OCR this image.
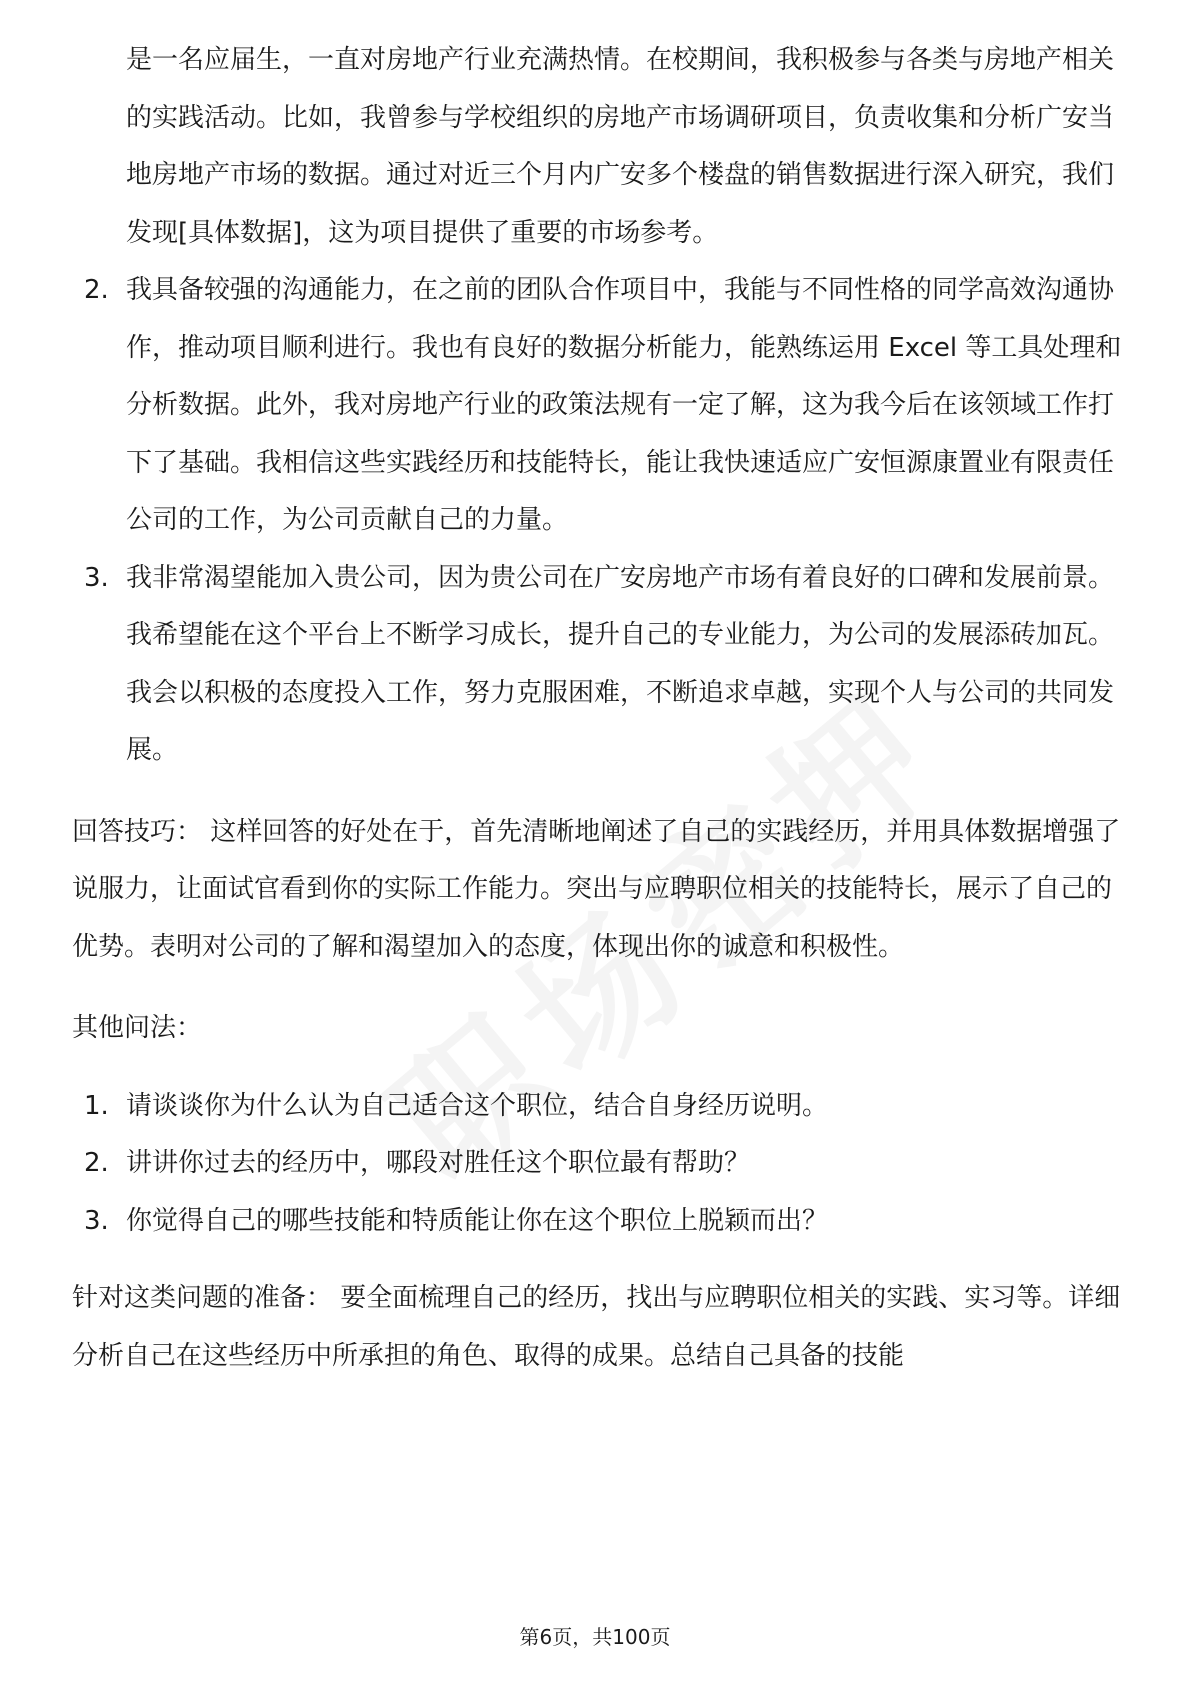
是一名应届生，一直对房地产行业充满热情。在校期间，我积极参与各类与房地产相关的实践活动。比如，我曾参与学校组织的房地产市场调研项目，负责收集和分析广安当地房地产市场的数据。通过对近三个月内广安多个楼盘的销售数据进行深入研究，我们发现[具体数据]，这为项目提供了重要的市场参考。
2. 我具备较强的沟通能力，在之前的团队合作项目中，我能与不同性格的同学高效沟通协作，推动项目顺利进行。我也有良好的数据分析能力，能熟练运用 Excel 等工具处理和分析数据。此外，我对房地产行业的政策法规有一定了解，这为我今后在该领域工作打下了基础。我相信这些实践经历和技能特长，能让我快速适应广安恒源康置业有限责任公司的工作，为公司贡献自己的力量。
3. 我非常渴望能加入贵公司，因为贵公司在广安房地产市场有着良好的口碑和发展前景。我希望能在这个平台上不断学习成长，提升自己的专业能力，为公司的发展添砖加瓦。我会以积极的态度投入工作，努力克服困难，不断追求卓越，实现个人与公司的共同发展。

回答技巧： 这样回答的好处在于，首先清晰地阐述了自己的实践经历，并用具体数据增强了说服力，让面试官看到你的实际工作能力。突出与应聘职位相关的技能特长，展示了自己的优势。表明对公司的了解和渴望加入的态度，体现出你的诚意和积极性。

其他问法：

1. 请谈谈你为什么认为自己适合这个职位，结合自身经历说明。
2. 讲讲你过去的经历中，哪段对胜任这个职位最有帮助？
3. 你觉得自己的哪些技能和特质能让你在这个职位上脱颖而出？

针对这类问题的准备： 要全面梳理自己的经历，找出与应聘职位相关的实践、实习等。详细分析自己在这些经历中所承担的角色、取得的成果。总结自己具备的技能

第6页，共100页
